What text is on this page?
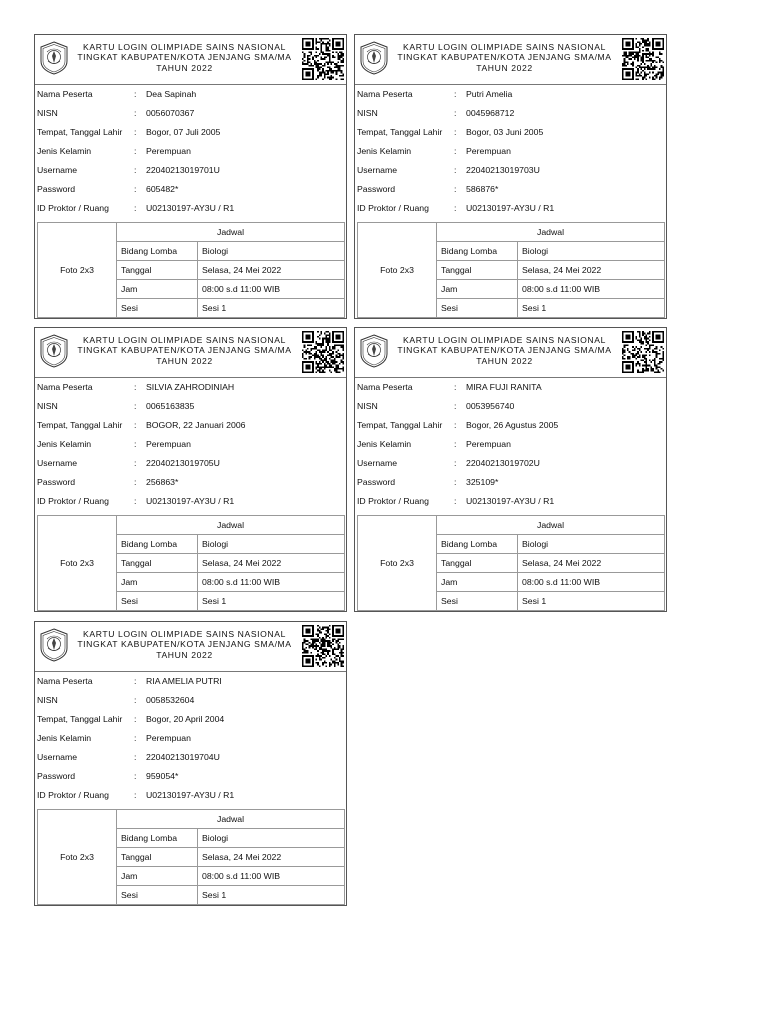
KARTU LOGIN OLIMPIADE SAINS NASIONAL
TINGKAT KABUPATEN/KOTA JENJANG SMA/MA
TAHUN 2022
Nama Peserta	: Dea Sapinah
NISN	: 0056070367
Tempat, Tanggal Lahir : Bogor, 07 Juli 2005
Jenis Kelamin	: Perempuan
Username	: 22040213019701U
Password	: 605482*
ID Proktor / Ruang	: U02130197-AY3U / R1
Foto 2x3	Jadwal	
	Bidang Lomba	Biologi
	Tanggal	Selasa, 24 Mei 2022
	Jam	08:00 s.d 11:00 WIB
	Sesi	Sesi 1
KARTU LOGIN OLIMPIADE SAINS NASIONAL
TINGKAT KABUPATEN/KOTA JENJANG SMA/MA
TAHUN 2022
Nama Peserta	: Putri Amelia
NISN	: 0045968712
Tempat, Tanggal Lahir : Bogor, 03 Juni 2005
Jenis Kelamin	: Perempuan
Username	: 22040213019703U
Password	: 586876*
ID Proktor / Ruang	: U02130197-AY3U / R1
Foto 2x3	Jadwal	
	Bidang Lomba	Biologi
	Tanggal	Selasa, 24 Mei 2022
	Jam	08:00 s.d 11:00 WIB
	Sesi	Sesi 1
KARTU LOGIN OLIMPIADE SAINS NASIONAL
TINGKAT KABUPATEN/KOTA JENJANG SMA/MA
TAHUN 2022
Nama Peserta	: SILVIA ZAHRODINIAH
NISN	: 0065163835
Tempat, Tanggal Lahir : BOGOR, 22 Januari 2006
Jenis Kelamin	: Perempuan
Username	: 22040213019705U
Password	: 256863*
ID Proktor / Ruang	: U02130197-AY3U / R1
Foto 2x3	Jadwal	
	Bidang Lomba	Biologi
	Tanggal	Selasa, 24 Mei 2022
	Jam	08:00 s.d 11:00 WIB
	Sesi	Sesi 1
KARTU LOGIN OLIMPIADE SAINS NASIONAL
TINGKAT KABUPATEN/KOTA JENJANG SMA/MA
TAHUN 2022
Nama Peserta	: MIRA FUJI RANITA
NISN	: 0053956740
Tempat, Tanggal Lahir : Bogor, 26 Agustus 2005
Jenis Kelamin	: Perempuan
Username	: 22040213019702U
Password	: 325109*
ID Proktor / Ruang	: U02130197-AY3U / R1
Foto 2x3	Jadwal	
	Bidang Lomba	Biologi
	Tanggal	Selasa, 24 Mei 2022
	Jam	08:00 s.d 11:00 WIB
	Sesi	Sesi 1
KARTU LOGIN OLIMPIADE SAINS NASIONAL
TINGKAT KABUPATEN/KOTA JENJANG SMA/MA
TAHUN 2022
Nama Peserta	: RIA AMELIA PUTRI
NISN	: 0058532604
Tempat, Tanggal Lahir : Bogor, 20 April 2004
Jenis Kelamin	: Perempuan
Username	: 22040213019704U
Password	: 959054*
ID Proktor / Ruang	: U02130197-AY3U / R1
Foto 2x3	Jadwal	
	Bidang Lomba	Biologi
	Tanggal	Selasa, 24 Mei 2022
	Jam	08:00 s.d 11:00 WIB
	Sesi	Sesi 1
